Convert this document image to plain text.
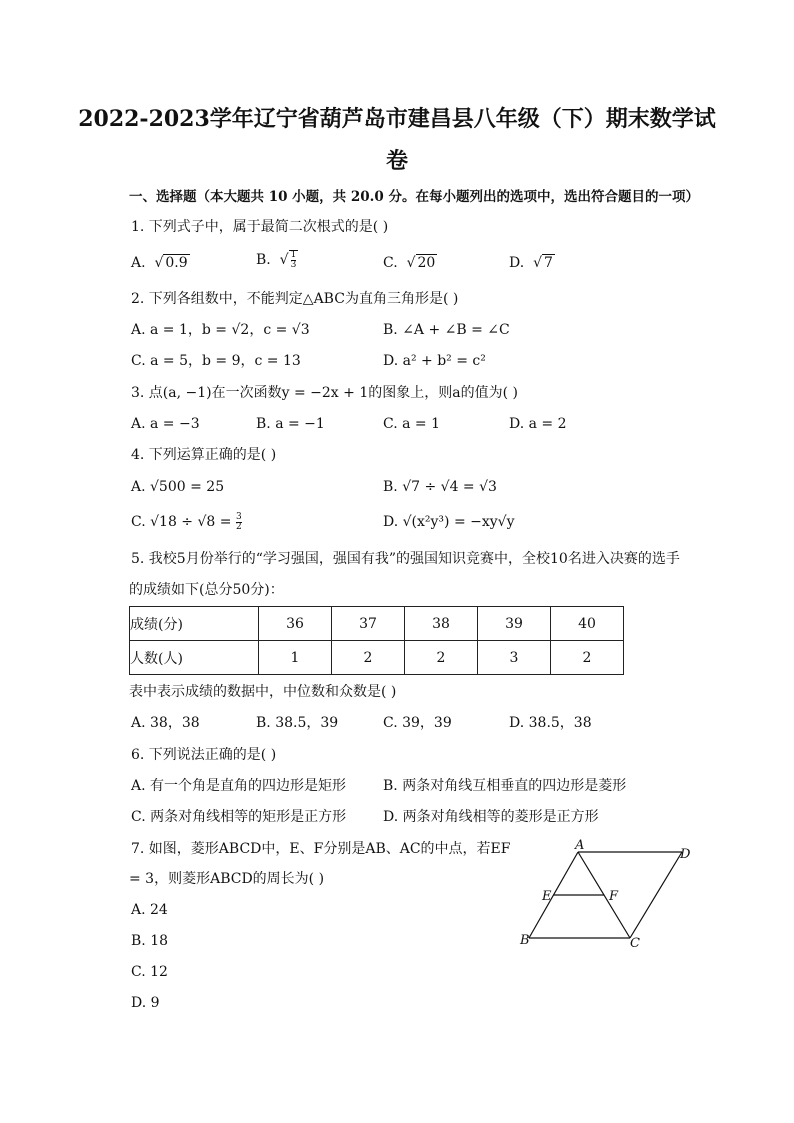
2022-2023学年辽宁省葫芦岛市建昌县八年级（下）期末数学试
卷
一、选择题（本大题共 10 小题，共 20.0 分。在每小题列出的选项中，选出符合题目的一项）
1. 下列式子中，属于最简二次根式的是( )
A.  √ 0.9	B.  $√\frac{1}{3}$	C.  √ 20	D.  √ 7
2. 下列各组数中，不能判定△ABC为直角三角形是( )
A. a = 1，b = √2，c = √3	B. ∠A + ∠B = ∠C
C. a = 5，b = 9，c = 13	D. a² + b² = c²
3. 点(a, −1)在一次函数y = −2x + 1的图象上，则a的值为( )
A. a = −3	B. a = −1	C. a = 1	D. a = 2
4. 下列运算正确的是( )
A. √500 = 25	B. √7 ÷ √4 = √3
C. $√18 \div √8 = \frac{3}{2}$	D. √(x²y³) = −xy√y
5. 我校5月份举行的“学习强国，强国有我”的强国知识竞赛中，全校10名进入决赛的选手
的成绩如下(总分50分)：
成绩(分)	36	37	38	39	40
人数(人)	1	2	2	3	2
表中表示成绩的数据中，中位数和众数是( )
A. 38，38	B. 38.5，39	C. 39，39	D. 38.5，38
6. 下列说法正确的是( )
A. 有一个角是直角的四边形是矩形	B. 两条对角线互相垂直的四边形是菱形
C. 两条对角线相等的矩形是正方形	D. 两条对角线相等的菱形是正方形
7. 如图，菱形ABCD中，E、F分别是AB、AC的中点，若EF
= 3，则菱形ABCD的周长为( )
A. 24
B. 18
C. 12
D. 9
A
D
B	C
E	F
